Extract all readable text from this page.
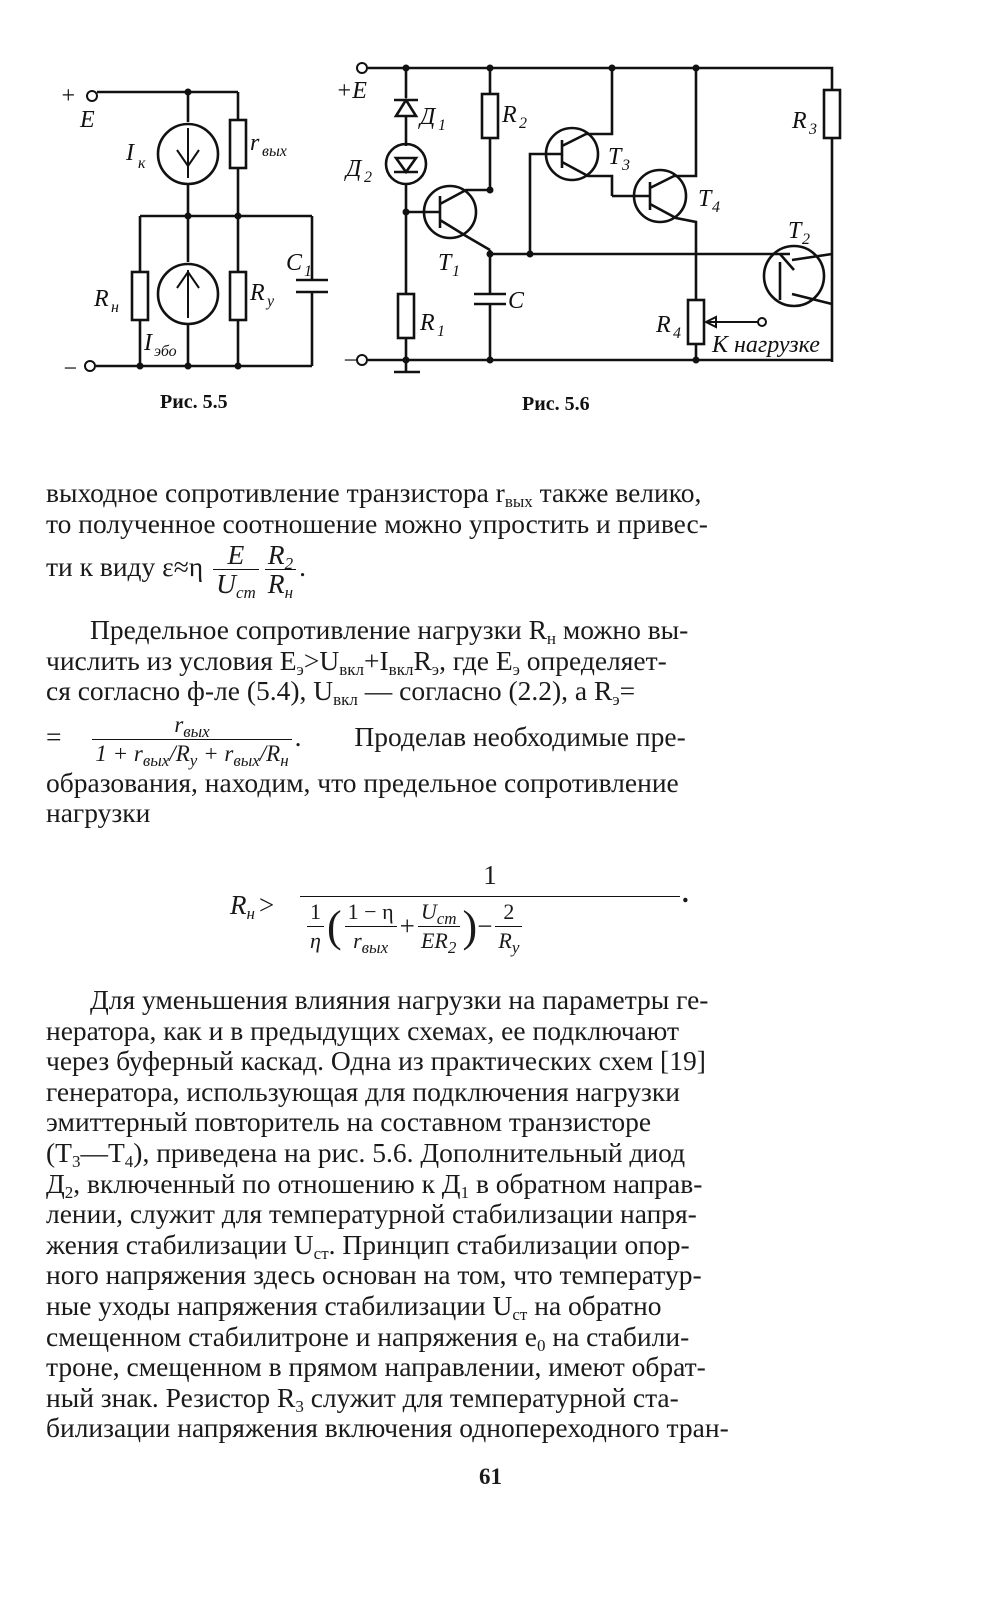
+
E
I к
r вых
C 1
R н
R у
I эбо
−
Рис. 5.5
+E
Д 1
Д 2
R 2
T 3
T 4
R 3
T 1
T 2
C
R 1	R 4 К нагрузке
−
Рис. 5.6

выходное сопротивление транзистора $r_{вых}$ также велико,

то полученное соотношение можно упростить и привес-

ти к виду $\varepsilon\approx\eta \frac{E}{U_{ст}} \frac{R_2}{R_н}$ .

Предельное сопротивление нагрузки $R_н$ можно вы-

числить из условия $E_э>U_{вкл}+I_{вкл}R_э$, где $E_э$ определяет-

ся согласно ф-ле (5.4), $U_{вкл}$ — согласно (2.2), а $R_э=$

= $\frac{r_{вых}}{1 + r_{вых}/R_у + r_{вых}/R_н}$ . Проделав необходимые пре-

образования, находим, что предельное сопротивление

нагрузки

$R_н$ >
1
$\frac{1}{\eta}$ ( $\frac{1 - \eta}{r_{вых}} + \frac{U_{ст}}{ER_2}$ )− $\frac{2}{R_у}$
.

Для уменьшения влияния нагрузки на параметры ге-

нератора, как и в предыдущих схемах, ее подключают

через буферный каскад. Одна из практических схем [19]

генератора, использующая для подключения нагрузки

эмиттерный повторитель на составном транзисторе

$(T_3—T_4)$, приведена на рис. 5.6. Дополнительный диод

$Д_2$, включенный по отношению к $Д_1$ в обратном направ-

лении, служит для температурной стабилизации напря-

жения стабилизации $U_{ст}$. Принцип стабилизации опор-

ного напряжения здесь основан на том, что температур-

ные уходы напряжения стабилизации $U_{ст}$ на обратно

смещенном стабилитроне и напряжения $e_0$ на стабили-

троне, смещенном в прямом направлении, имеют обрат-

ный знак. Резистор $R_3$ служит для температурной ста-

билизации напряжения включения однопереходного тран-

61
